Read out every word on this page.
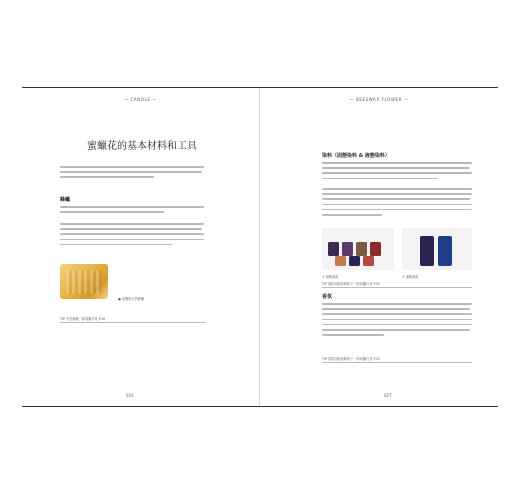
— CANDLE —
蜜蠟花的基本材料和工具
蜂蠟
● 成塊的天然蜂蠟
TIP 天然蜂蠟一如同圖片見 P.16
026
— BEESWAX FLOWER —
染料（固態染料 & 液態染料）
① 固態染料	② 液態染料
TIP 染料詳細說明如下一如同圖片見 P.31
香氛
TIP 香氛詳細說明如下一如同圖片見 P.22
027
